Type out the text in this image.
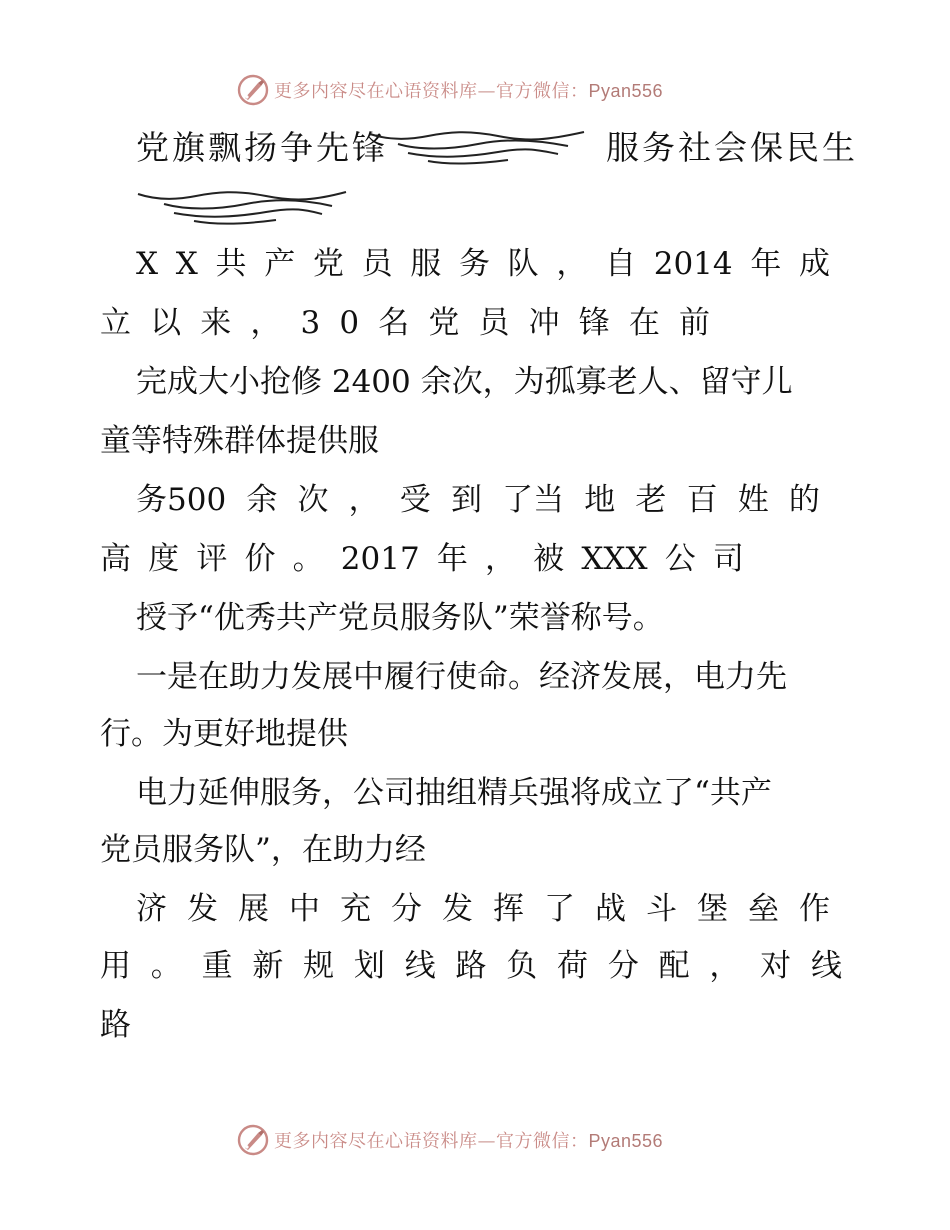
更多内容尽在心语资料库—官方微信：Pyan556
党旗飘扬争先锋	服务社会保民生
X X 共 产 党 员 服 务 队 ， 自 2014 年 成
立 以 来 ， 3 0 名 党 员 冲 锋 在 前
完成大小抢修 2400 余次，为孤寡老人、留守儿
童等特殊群体提供服
务500 余 次 ， 受 到 了当 地 老 百 姓 的
高 度 评 价 。 2017 年 ， 被 XXX 公 司
授予“优秀共产党员服务队”荣誉称号。
一是在助力发展中履行使命。经济发展，电力先
行。为更好地提供
电力延伸服务，公司抽组精兵强将成立了“共产
党员服务队”，在助力经
济 发 展 中 充 分 发 挥 了 战 斗 堡 垒 作
用 。 重 新 规 划 线 路 负 荷 分 配 ， 对 线
路
更多内容尽在心语资料库—官方微信：Pyan556
